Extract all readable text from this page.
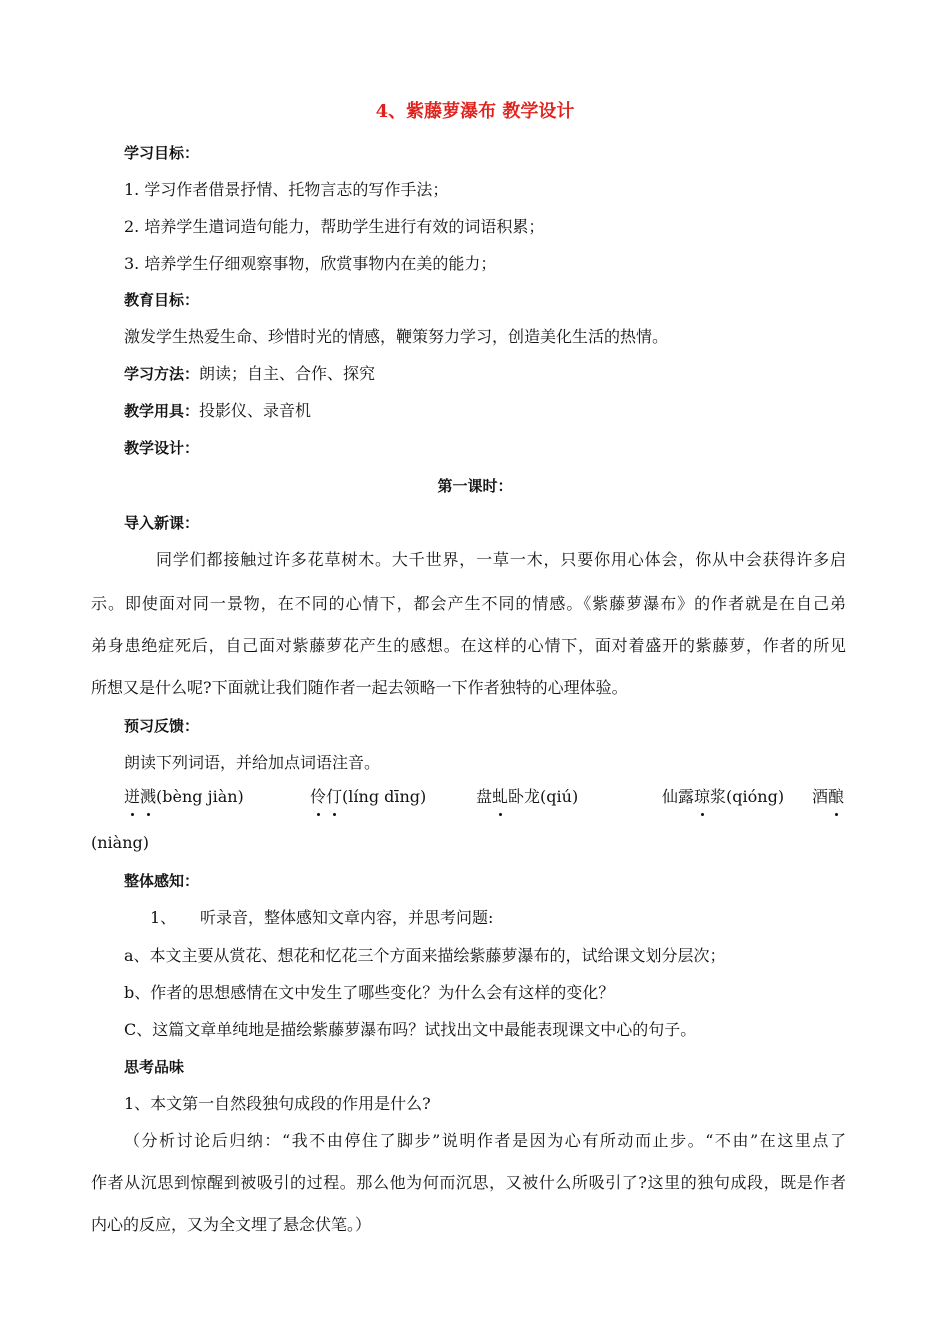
4、紫藤萝瀑布 教学设计
学习目标：
1. 学习作者借景抒情、托物言志的写作手法；
2. 培养学生遣词造句能力，帮助学生进行有效的词语积累；
3. 培养学生仔细观察事物，欣赏事物内在美的能力；
教育目标：
激发学生热爱生命、珍惜时光的情感，鞭策努力学习，创造美化生活的热情。
学习方法：朗读；自主、合作、探究
教学用具：投影仪、录音机
教学设计：
第一课时：
导入新课：
同学们都接触过许多花草树木。大千世界，一草一木，只要你用心体会，你从中会获得许多启
示。即使面对同一景物，在不同的心情下，都会产生不同的情感。《紫藤萝瀑布》的作者就是在自己弟
弟身患绝症死后，自己面对紫藤萝花产生的感想。在这样的心情下，面对着盛开的紫藤萝，作者的所见
所想又是什么呢?下面就让我们随作者一起去领略一下作者独特的心理体验。
预习反馈：
朗读下列词语，并给加点词语注音。
迸溅(bèng jiàn)	伶仃(líng dīng)	盘虬卧龙(qiú)	仙露琼浆(qióng) 酒酿
(niàng)
整体感知：
1、 听录音，整体感知文章内容，并思考问题:
a、本文主要从赏花、想花和忆花三个方面来描绘紫藤萝瀑布的，试给课文划分层次；
b、作者的思想感情在文中发生了哪些变化？为什么会有这样的变化？
C、这篇文章单纯地是描绘紫藤萝瀑布吗？试找出文中最能表现课文中心的句子。
思考品味
1、本文第一自然段独句成段的作用是什么?
（分析讨论后归纳：“我不由停住了脚步”说明作者是因为心有所动而止步。“不由”在这里点了
作者从沉思到惊醒到被吸引的过程。那么他为何而沉思，又被什么所吸引了?这里的独句成段，既是作者
内心的反应，又为全文埋了悬念伏笔。）
